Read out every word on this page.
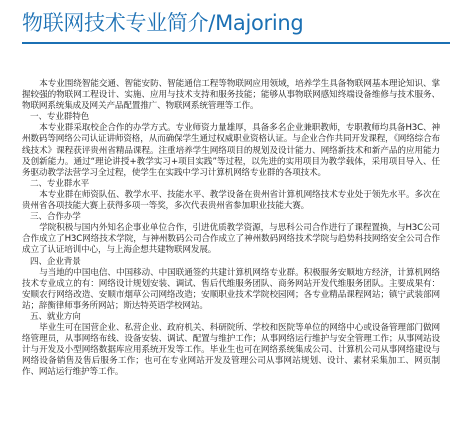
物联网技术专业简介/Majoring

本专业围绕智能交通、智能安防、智能通信工程等物联网应用领域，培养学生具备物联网基本理论知识、掌握较强的物联网工程设计、实施、应用与技术支持和服务技能；能够从事物联网感知终端设备维修与技术服务、物联网系统集成及网关产品配置推广、物联网系统管理等工作。

一、专业群特色

本专业群采取校企合作的办学方式。专业师资力量雄厚，具备多名企业兼职教师，专职教师均具备H3C、神州数码等网络公司认证讲师资格，从而确保学生通过权威职业资格认证。与企业合作共同开发课程，《网络综合布线技术》课程获评贵州省精品课程。注重培养学生网络项目的规划及设计能力、网络新技术和新产品的应用能力及创新能力。通过“理论讲授+教学实习+项目实践”等过程，以先进的实用项目为教学载体，采用项目导入、任务驱动教学法营学习全过程，使学生在实践中学习计算机网络专业群的各项技术。

二、专业群水平

本专业群在师资队伍、教学水平、技能水平、教学设备在贵州省计算机网络技术专业处于领先水平。多次在贵州省各项技能大赛上获得多项一等奖，多次代表贵州省参加职业技能大赛。

三、合作办学

学院积极与国内外知名企事业单位合作，引进优质教学资源，与思科公司合作进行了课程置换，与H3C公司合作成立了H3C网络技术学院，与神州数码公司合作成立了神州数码网络技术学院与趋势科技网络安全公司合作成立了认证培训中心，与上海企想共建物联网发展。

四、企业背景

与当地的中国电信、中国移动、中国联通签约共建计算机网络专业群。积极服务安顺地方经济，计算机网络技术专业成立的有：网络设计规划安装、调试、售后代维服务团队、商务网站开发代维服务团队。主要成果有：安顺农行网络改造、安顺市烟草公司网络改造；安顺职业技术学院校园网；各专业精品课程网站；镇宁武装部网站；辞衡律师事务所网站；斯达特英语学校网站。

五、就业方向

毕业生可在国营企业、私营企业、政府机关、科研院所、学校和医院等单位的网络中心或设备管理部门做网络管理员，从事网络布线、设备安装、调试、配置与维护工作；从事网络运行维护与安全管理工作；从事网站设计与开发及小型网络数据库应用系统开发等工作。毕业生也可在网络系统集成公司、计算机公司从事网络建设与网络设备销售及售后服务工作；也可在专业网站开发及管理公司从事网站规划、设计、素材采集加工、网页制作、网站运行维护等工作。
